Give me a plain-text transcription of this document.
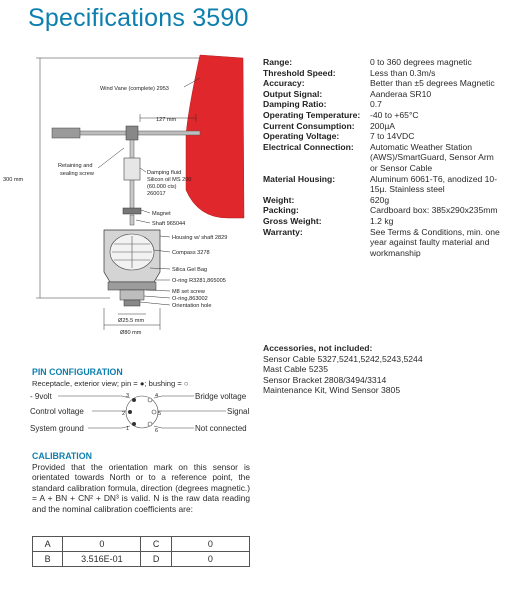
Specifications 3590
Wind Vane (complete) 2953
127 mm
300 mm
Retaining and
sealing screw	Damping fluid
Silicon oil MS 200
(60.000 cts)
260017
Magnet
Shaft 965044
Housing w/ shaft 2829
Compass 3278
Silica Gel Bag
O-ring R3281,865005
M8 set screw
O-ring,863002
Orientation hole
Ø25.5 mm
Ø80 mm
Range:	0 to 360 degrees magnetic
Threshold Speed:	Less than 0.3m/s
Accuracy:	Better than ±5 degrees Magnetic
Output Signal:	Aanderaa SR10
Damping Ratio:	0.7
Operating Temperature:	-40 to +65°C
Current Consumption:	200µA
Operating Voltage:	7 to 14VDC
Electrical Connection:	Automatic Weather Station (AWS)/SmartGuard, Sensor Arm or Sensor Cable
Material Housing:	Aluminum 6061-T6, anodized 10-15µ. Stainless steel
Weight:	620g
Packing:	Cardboard box: 385x290x235mm
Gross Weight:	1.2 kg
Warranty:	See Terms & Conditions, min. one year against faulty material and workmanship
Accessories, not included:
Sensor Cable 5327,5241,5242,5243,5244
Mast Cable 5235
Sensor Bracket 2808/3494/3314
Maintenance Kit, Wind Sensor 3805
PIN CONFIGURATION
Receptacle, exterior view; pin = ●; bushing = ○
1
2
3	4
5
6
- 9volt
Control voltage
System ground
Bridge voltage
Signal
Not connected
CALIBRATION
Provided that the orientation mark on this sensor is orientated towards North or to a reference point, the standard calibration formula, direction (degrees magnetic.) = A + BN + CN² + DN³ is valid. N is the raw data reading and the nominal calibration coefficients are:
A	0	C	0
B	3.516E-01	D	0
